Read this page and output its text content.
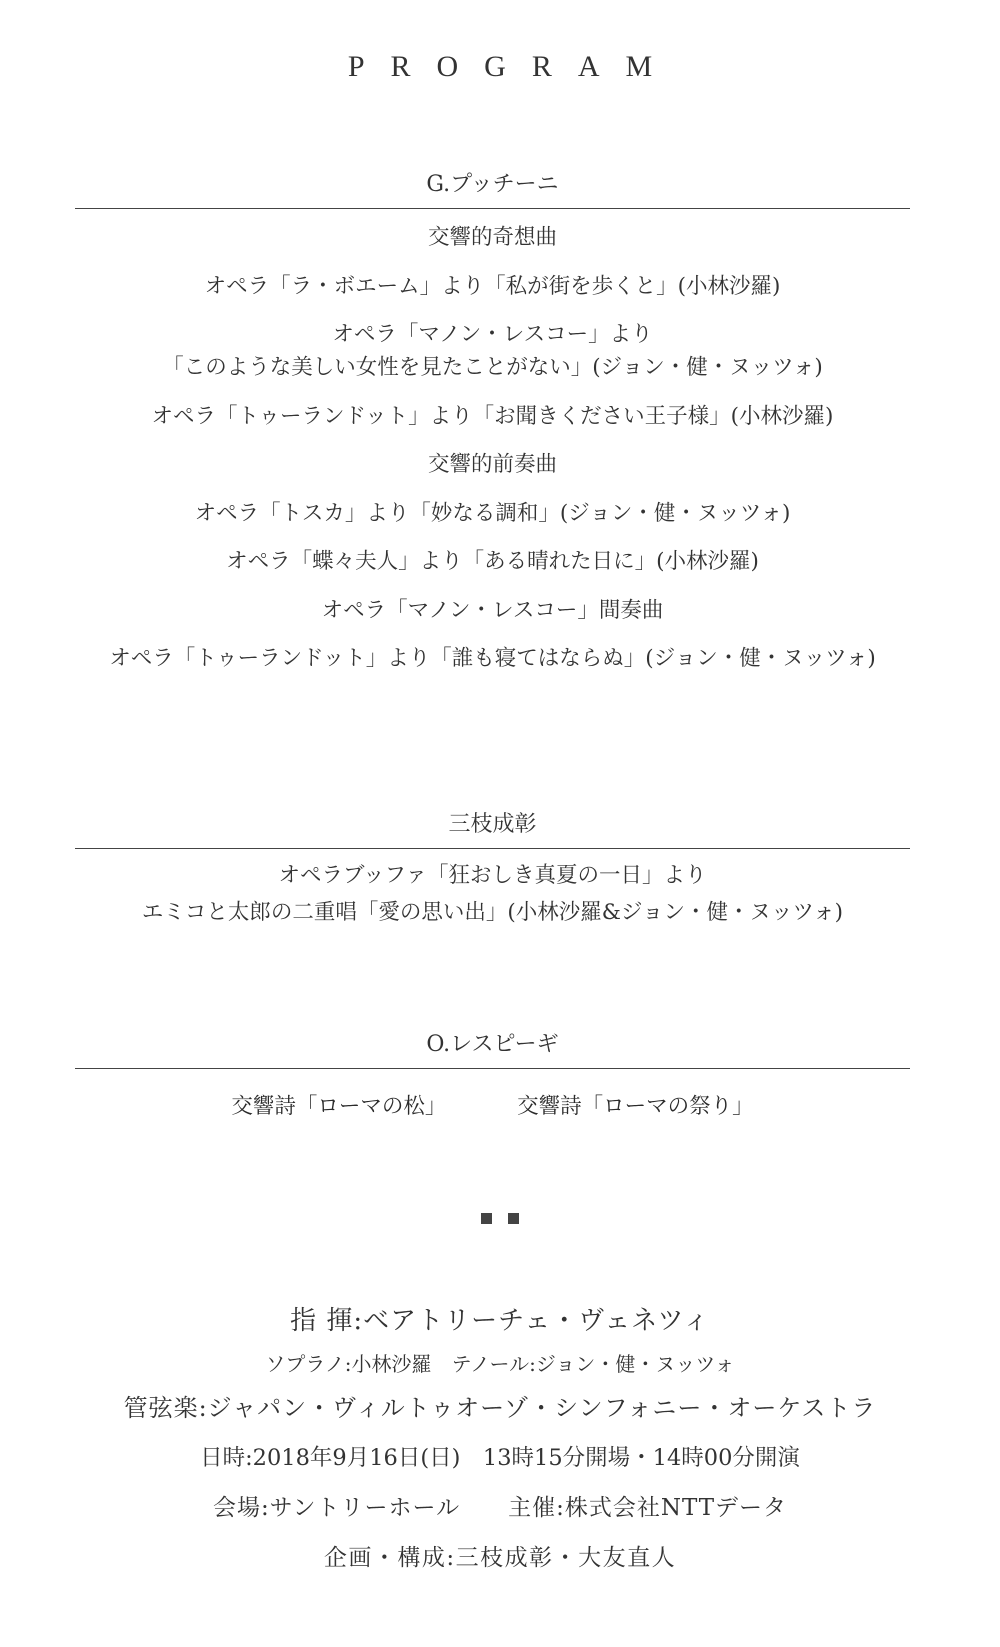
PROGRAM
G.プッチーニ
交響的奇想曲
オペラ「ラ・ボエーム」より「私が街を歩くと」(小林沙羅)
オペラ「マノン・レスコー」より
「このような美しい女性を見たことがない」(ジョン・健・ヌッツォ)
オペラ「トゥーランドット」より「お聞きください王子様」(小林沙羅)
交響的前奏曲
オペラ「トスカ」より「妙なる調和」(ジョン・健・ヌッツォ)
オペラ「蝶々夫人」より「ある晴れた日に」(小林沙羅)
オペラ「マノン・レスコー」間奏曲
オペラ「トゥーランドット」より「誰も寝てはならぬ」(ジョン・健・ヌッツォ)
三枝成彰
オペラブッファ「狂おしき真夏の一日」より
エミコと太郎の二重唱「愛の思い出」(小林沙羅&ジョン・健・ヌッツォ)
O.レスピーギ
交響詩「ローマの松」	交響詩「ローマの祭り」

指 揮:ベアトリーチェ・ヴェネツィ
ソプラノ:小林沙羅　テノール:ジョン・健・ヌッツォ
管弦楽:ジャパン・ヴィルトゥオーゾ・シンフォニー・オーケストラ
日時:2018年9月16日(日)　13時15分開場・14時00分開演
会場:サントリーホール　　主催:株式会社NTTデータ
企画・構成:三枝成彰・大友直人
